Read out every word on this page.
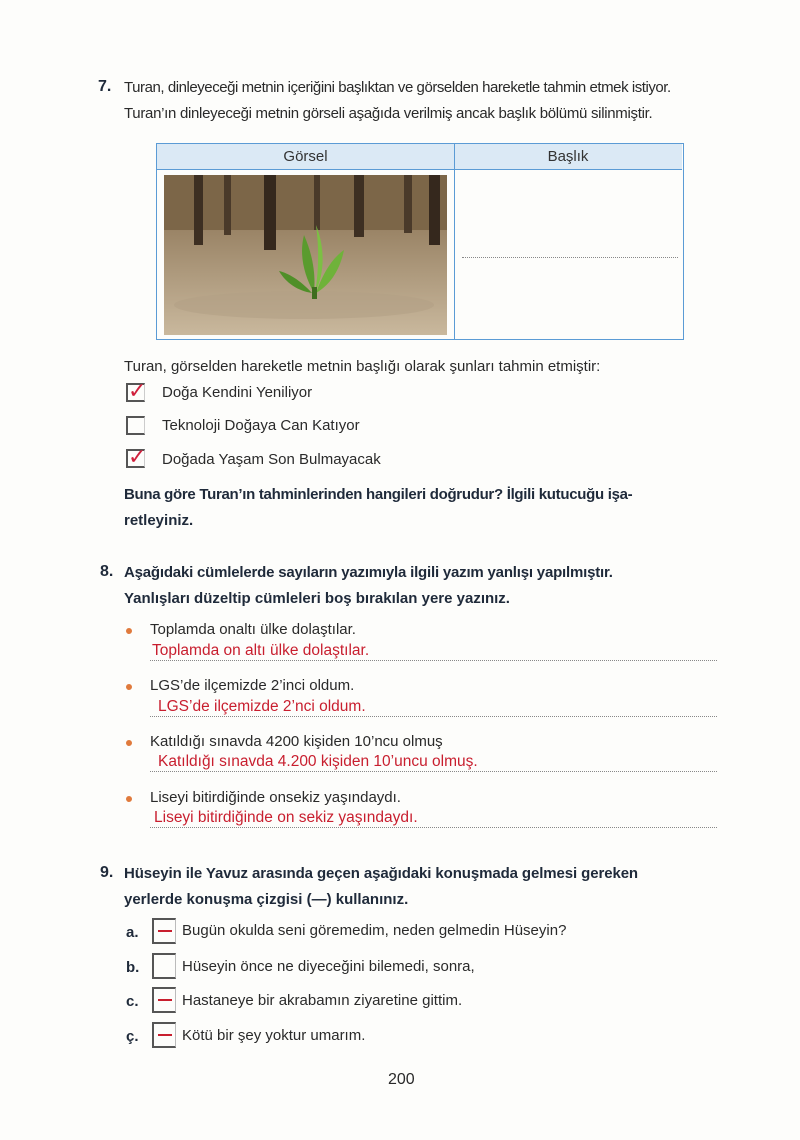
7. Turan, dinleyeceği metnin içeriğini başlıktan ve görselden hareketle tahmin etmek istiyor.
Turan’ın dinleyeceği metnin görseli aşağıda verilmiş ancak başlık bölümü silinmiştir.
Görsel	Başlık
Turan, görselden hareketle metnin başlığı olarak şunları tahmin etmiştir:
✓ Doğa Kendini Yeniliyor
Teknoloji Doğaya Can Katıyor
✓ Doğada Yaşam Son Bulmayacak
Buna göre Turan’ın tahminlerinden hangileri doğrudur? İlgili kutucuğu işa-
retleyiniz.
8. Aşağıdaki cümlelerde sayıların yazımıyla ilgili yazım yanlışı yapılmıştır.
Yanlışları düzeltip cümleleri boş bırakılan yere yazınız.
Toplamda onaltı ülke dolaştılar.
Toplamda on altı ülke dolaştılar.
LGS’de ilçemizde 2’inci oldum.
LGS’de ilçemizde 2’nci oldum.
Katıldığı sınavda 4200 kişiden 10’ncu olmuş
Katıldığı sınavda 4.200 kişiden 10’uncu olmuş.
Liseyi bitirdiğinde onsekiz yaşındaydı.
Liseyi bitirdiğinde on sekiz yaşındaydı.
9. Hüseyin ile Yavuz arasında geçen aşağıdaki konuşmada gelmesi gereken
yerlerde konuşma çizgisi (—) kullanınız.
a.	Bugün okulda seni göremedim, neden gelmedin Hüseyin?
b.	Hüseyin önce ne diyeceğini bilemedi, sonra,
c.	Hastaneye bir akrabamın ziyaretine gittim.
ç.	Kötü bir şey yoktur umarım.
200
